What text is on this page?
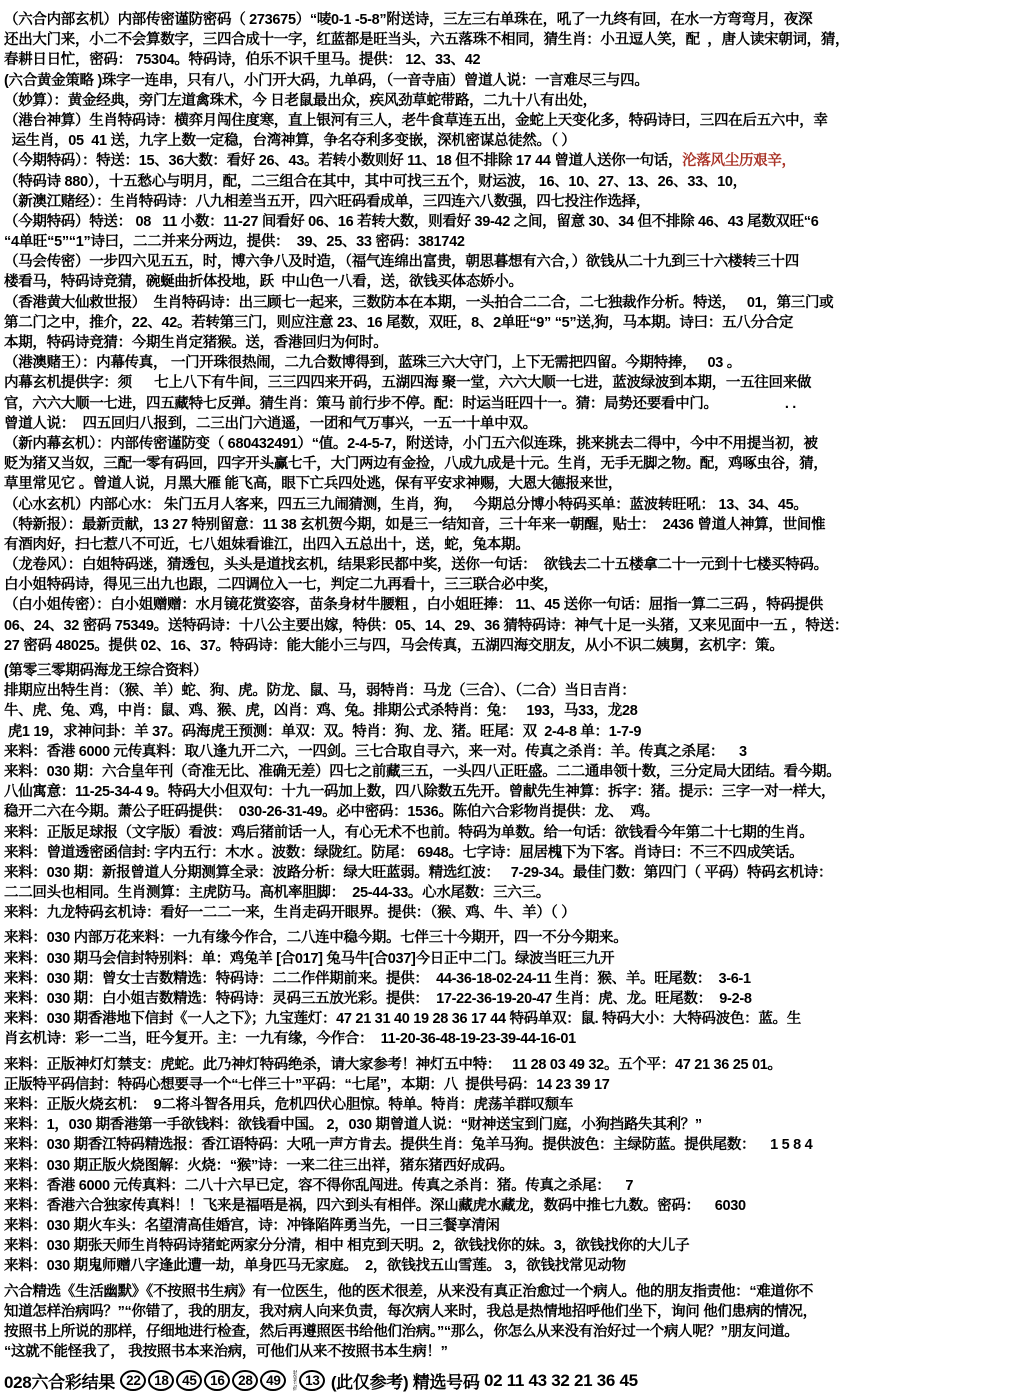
（六合内部玄机）内部传密谨防密码（ 273675）“唛0-1 -5-8”附送诗，三左三右单珠在，吼了一九终有回，在水一方弯弯月，夜深
还出大门来，小二不会算数字，三四合成十一字，红蓝都是旺当头，六五落珠不相同，猜生肖：小丑逗人笑，配  ，唐人读宋朝词，猜，
春耕日日忙，密码： 75304。特码诗，伯乐不识千里马。提供： 12、33、42
(六合黄金策略 )珠字一连串，只有八，小门开大码，九单码，（一音寺庙）曾道人说：一言难尽三与四。
（妙算）：黄金经典，旁门左道禽珠术，今 日老鼠最出众，疾风劲草蛇带路，二九十八有出处，
（港台神算）生肖特码诗：横弈月闯住度寒，直上银河有三人，老牛食草连五出，金蛇上天变化多，特码诗曰，三四在后五六中，幸
运生肖，05  41 送，九字上数一定稳，台湾神算，争名夺利多变嵌，深机密谋总徒然。（ ）
（今期特码）：特送：15、36大数：看好 26、43。若转小数则好 11、18 但不排除 17 44 曾道人送你一句话，沦落风尘历艰辛，
（特码诗 880），十五愁心与明月，配，二三组合在其中，其中可找三五个，财运波， 16、10、27、13、26、33、10，
（新澳江赌经）：生肖特码诗：八九相差当五开，四六旺码看成单，三四连六八数强，四七投注作选择，
（今期特码）特送： 08   11 小数：11-27 间看好 06、16 若转大数，则看好 39-42 之间，留意 30、34 但不排除 46、43 尾数双旺“6
“4单旺“5”“1”诗曰，二二并来分两边，提供：  39、25、33 密码：381742
（马会传密）一步四六见五五，时，博六争八及时造，（福气连绵出富贵，朝思暮想有六合，）欲钱从二十九到三十六楼转三十四
楼看马，特码诗竞猜，碗蜒曲折体投地，跃  中山色一八看，送，欲钱买体态娇小。
（香港黄大仙救世报）  生肖特码诗：出三顾七一起来，三数防本在本期，一头拍合二二合，二七独裁作分析。特送，   01，第三门或
第二门之中，推介，22、42。若转第三门，则应注意 23、16 尾数，双旺，8、2单旺“9” “5”送,狗，马本期。诗曰：五八分合定
本期，特码诗竞猜：今期生肖定猪猴。送，香港回归为何时。
（港澳赌王）：内幕传真， 一门开珠很热闹，二九合数博得到，蓝珠三六大守门，上下无需把四留。今期特捧，   03 。
内幕玄机提供字：须      七上八下有牛间，三三四四来开码，五湖四海 聚一堂，六六大顺一七进，蓝波绿波到本期，一五往回来做
官，六六大顺一七进，四五藏特七反弹。猜生肖：策马 前行步不停。配：时运当旺四十一。猜：局势还要看中门。                  . .
曾道人说：  四五回归八报到，二三出门六逍遥，一团和气万事兴，一五一十单中双。
（新内幕玄机）：内部传密谨防变（ 680432491）“值。2-4-5-7，附送诗，小门五六似连珠，挑来挑去二得中，今中不用提当初，被
贬为猪又当奴，三配一零有码回，四字开头赢七千，大门两边有金捡，八成九成是十元。生肖，无手无脚之物。配，鸡啄虫谷，猜，
草里常见它 。曾道人说，月黑大雁 能飞高，眼下亡兵四处逃，保有平安求神赐，大恩大德报来世，
（心水玄机）内部心水： 朱门五月人客来，四五三九闹猜测，生肖，狗，   今期总分博小特码买单：蓝波转旺吼： 13、34、45。
（特新报）：最新贡献，13 27 特别留意：11 38 玄机贺今期，如是三一结知音，三十年来一朝醒，贴士：  2436 曾道人神算，世间惟
有酒肉好，扫七惹八不可近，七八姐妹看谁江，出四入五总出十，送，蛇，兔本期。
（龙卷风）：白姐特码迷，猜透包，头头是道找玄机，结果彩民都中奖，送你一句话：  欲钱去二十五楼拿二十一元到十七楼买特码。
白小姐特码诗，得见三出九也跟，二四调位入一七，判定二九再看十，三三联合必中奖，
（白小姐传密）：白小姐赠赠：水月镜花赏姿容，苗条身材牛腰粗 ，白小姐旺捧： 11、45 送你一句话：屈指一算二三码 ，特码提供
06、24、32 密码 75349。送特码诗：十八公主要出嫁，特供：05、14、29、36 猜特码诗：神气十足一头猪，又来见面中一五 ，特送：
27 密码 48025。提供 02、16、37。特码诗：能大能小三与四，马会传真，五湖四海交朋友，从小不识二姨舅，玄机字：策。
(第零三零期码海龙王综合资料）
排期应出特生肖：（猴、羊）蛇、狗、虎。防龙、鼠、马，弱特肖：马龙（三合）、（二合）当日吉肖：
牛、虎、兔、鸡，中肖：鼠、鸡、猴、虎，凶肖：鸡、兔。排期公式杀特肖：兔：   193，马33，龙28
虎1 19，求神问卦：羊 37。码海虎王预测：单双：双。特肖：狗、龙、猪。旺尾：双  2-4-8 单：1-7-9
来料：香港 6000 元传真料：取八逢九开二六，一四剑。三七合取自寻六，来一对。传真之杀肖：羊。传真之杀尾：    3
来料：030 期：六合皇年刊（奇准无比、准确无差）四七之前藏三五，一头四八正旺盛。二二通串领十数，三分定局大团结。看今期。
八仙寓意：11-25-34-4 9。特码大小但双句：十九一码加上数，四八除数五先开。曾献先生神算：拆字：猪。提示：三字一对一样大，
稳开二六在今期。萧公子旺码提供：  030-26-31-49。必中密码：1536。陈伯六合彩物肖提供：龙、  鸡。
来料：正版足球报（文字版）看波：鸡后猪前话一人，有心无术不也前。特码为单数。给一句话：欲钱看今年第二十七期的生肖。
来料：曾道透密函信封: 字内五行：木水 。波数：绿陇红。防尾： 6948。七字诗：屈居槐下为下客。肖诗曰：不三不四成笑话。
来料：030 期：新报曾道人分期测算全录：波路分析：绿大旺蓝弱。精选红波：   7-29-34。最佳门数：第四门（ 平码）特码玄机诗：
二二回头也相同。生肖测算：主虎防马。高机率胆脚：  25-44-33。心水尾数：三六三。
来料：九龙特码玄机诗：看好一二二一来，生肖走码开眼界。提供：（猴、鸡、牛、羊）（ ）
来料：030 内部万花来料：一九有缘今作合，二八连中稳今期。七伴三十今期开，四一不分今期来。
来料：030 期马会信封特别料：单：鸡兔羊 [合017] 兔马牛[合037]今日正中二门。绿波当旺三九开
来料：030 期：曾女士吉数精选：特码诗：二二作伴期前来。提供：  44-36-18-02-24-11 生肖：猴、羊。旺尾数：  3-6-1
来料：030 期：白小姐吉数精选：特码诗：灵码三五放光彩。提供：  17-22-36-19-20-47 生肖：虎、龙。旺尾数：  9-2-8
来料：030 期香港地下信封《一人之下》；九宝莲灯：47 21 31 40 19 28 36 17 44 特码单双：鼠. 特码大小：大特码波色：蓝。生
肖玄机诗：彩一二当，旺今复开。主：一九有缘，今作合：  11-20-36-48-19-23-39-44-16-01
来料：正版神灯灯禁支：虎蛇。此乃神灯特码绝杀，请大家参考！神灯五中特：   11 28 03 49 32。五个平：47 21 36 25 01。
正版特平码信封：特码心想要寻一个“七伴三十”平码：“七尾”，本期：八  提供号码：14 23 39 17
来料：正版火烧玄机：  9二将斗智各用兵，危机四伏心胆惊。特单。特肖：虎荡羊群叹颓车
来料：1，030 期香港第一手欲钱料：欲钱看中国。 2，030 期曾道人说：“财神送宝到门庭，小狗挡路失其利？”
来料：030 期香江特码精选报：香江语特码：大吼一声方肯去。提供生肖：兔羊马狗。提供波色：主绿防蓝。提供尾数：    1 5 8 4
来料：030 期正版火烧图解：火烧：“猴”诗：一来二往三出祥，猪东猪西好成码。
来料：香港 6000 元传真料：二八十六早已定，容不得你乱闯进。传真之杀肖：猪。传真之杀尾：    7
来料：香港六合独家传真料！！飞来是福唔是祸，四六到头有相伴。深山藏虎水藏龙，数码中推七九数。密码：    6030
来料：030 期火车头：名望清高佳婚宫，诗：冲锋陷阵勇当先，一日三餐享清闲
来料：030 期张天师生肖特码诗猪蛇两家分分清，相中 相克到天明。2，欲钱找你的妹。3，欲钱找你的大儿子
来料：030 期鬼师赠八字逢此遭一劫，单身匹马无家庭。  2，欲钱找五山雪莲。 3，欲钱找常见动物
六合精选《生活幽默》《不按照书生病》有一位医生，他的医术很差，从来没有真正治愈过一个病人。他的朋友指责他：“难道你不
知道怎样治病吗？”“你错了，我的朋友，我对病人向来负责，每次病人来时，我总是热情地招呼他们坐下，询问 他们患病的情况，
按照书上所说的那样，仔细地进行检查，然后再遵照医书给他们治病。”“那么，你怎么从来没有治好过一个病人呢？”朋友问道。
“这就不能怪我了， 我按照书本来治病，可他们从来不按照书本生病！”
028六合彩结果 22 18 45 16 28 49	特别号码 13 (此仅参考) 精选号码 02 11 43 32 21 36 45
